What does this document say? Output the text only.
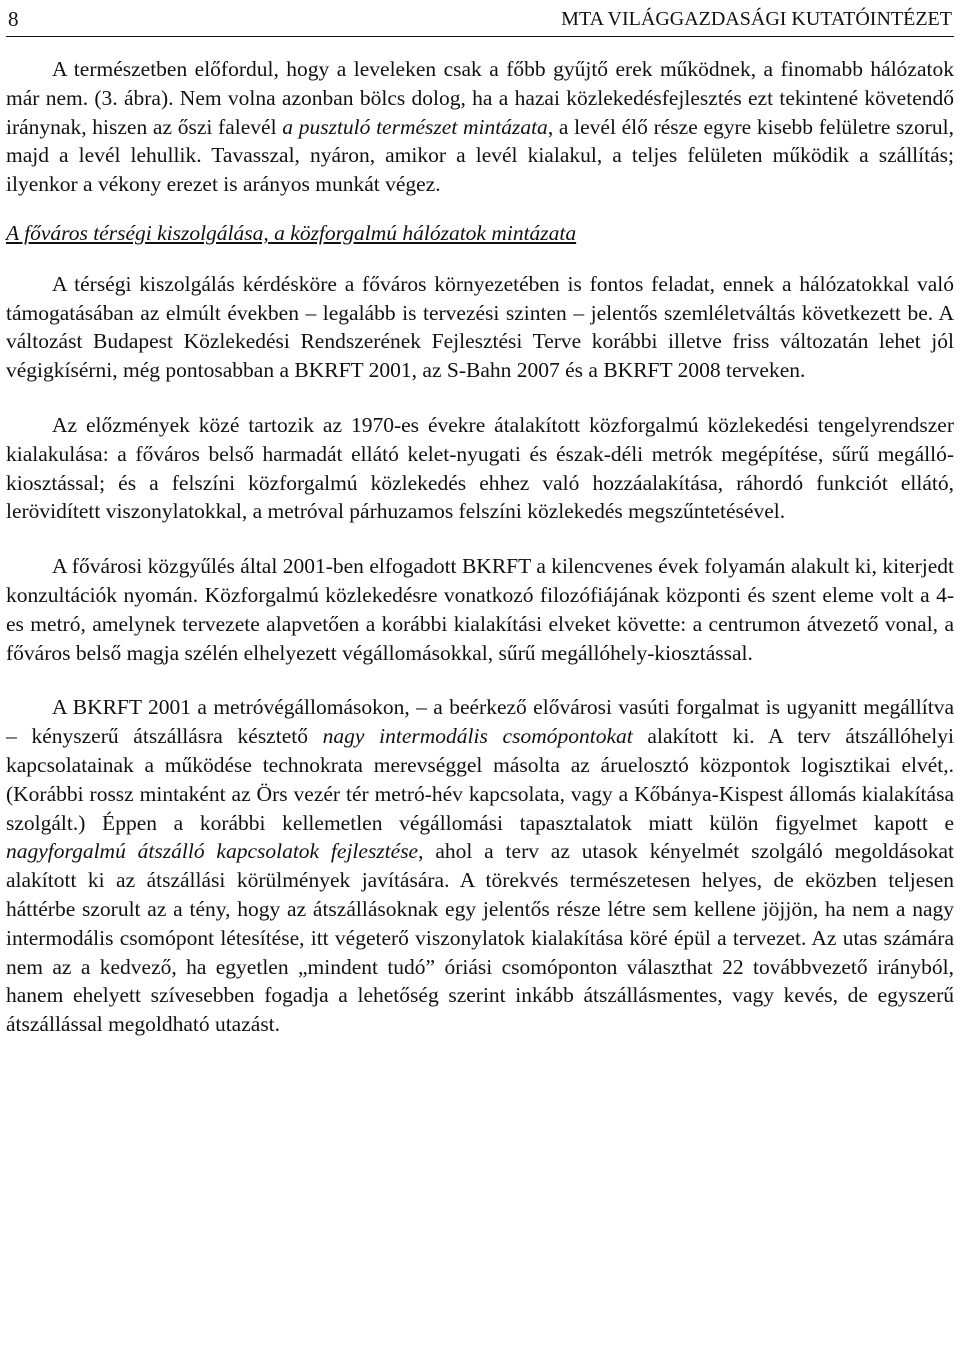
8	MTA VILÁGGAZDASÁGI KUTATÓINTÉZET

A természetben előfordul, hogy a leveleken csak a főbb gyűjtő erek működnek, a finomabb hálózatok már nem. (3. ábra). Nem volna azonban bölcs dolog, ha a hazai közlekedésfejlesztés ezt tekintené követendő iránynak, hiszen az őszi falevél a pusztuló természet mintázata, a levél élő része egyre kisebb felületre szorul, majd a levél lehullik. Tavasszal, nyáron, amikor a levél kialakul, a teljes felületen működik a szállítás; ilyenkor a vékony erezet is arányos munkát végez.

A főváros térségi kiszolgálása, a közforgalmú hálózatok mintázata

A térségi kiszolgálás kérdésköre a főváros környezetében is fontos feladat, ennek a hálózatokkal való támogatásában az elmúlt években – legalább is tervezési szinten – jelentős szemléletváltás következett be. A változást Budapest Közlekedési Rendszerének Fejlesztési Terve korábbi illetve friss változatán lehet jól végigkísérni, még pontosabban a BKRFT 2001, az S-Bahn 2007 és a BKRFT 2008 terveken.

Az előzmények közé tartozik az 1970-es évekre átalakított közforgalmú közlekedési tengelyrendszer kialakulása: a főváros belső harmadát ellátó kelet-nyugati és észak-déli metrók megépítése, sűrű megálló-kiosztással; és a felszíni közforgalmú közlekedés ehhez való hozzáalakítása, ráhordó funkciót ellátó, lerövidített viszonylatokkal, a metróval párhuzamos felszíni közlekedés megszűntetésével.

A fővárosi közgyűlés által 2001-ben elfogadott BKRFT a kilencvenes évek folyamán alakult ki, kiterjedt konzultációk nyomán. Közforgalmú közlekedésre vonatkozó filozófiájának központi és szent eleme volt a 4-es metró, amelynek tervezete alapvetően a korábbi kialakítási elveket követte: a centrumon átvezető vonal, a főváros belső magja szélén elhelyezett végállomásokkal, sűrű megállóhely-kiosztással.

A BKRFT 2001 a metróvégállomásokon, – a beérkező elővárosi vasúti forgalmat is ugyanitt megállítva – kényszerű átszállásra késztető nagy intermodális csomópontokat alakított ki. A terv átszállóhelyi kapcsolatainak a működése technokrata merevséggel másolta az áruelosztó központok logisztikai elvét,. (Korábbi rossz mintaként az Örs vezér tér metró-hév kapcsolata, vagy a Kőbánya-Kispest állomás kialakítása szolgált.) Éppen a korábbi kellemetlen végállomási tapasztalatok miatt külön figyelmet kapott e nagyforgalmú átszálló kapcsolatok fejlesztése, ahol a terv az utasok kényelmét szolgáló megoldásokat alakított ki az átszállási körülmények javítására. A törekvés természetesen helyes, de eközben teljesen háttérbe szorult az a tény, hogy az átszállásoknak egy jelentős része létre sem kellene jöjjön, ha nem a nagy intermodális csomópont létesítése, itt végeterő viszonylatok kialakítása köré épül a tervezet. Az utas számára nem az a kedvező, ha egyetlen „mindent tudó” óriási csomóponton választhat 22 továbbvezető irányból, hanem ehelyett szívesebben fogadja a lehetőség szerint inkább átszállásmentes, vagy kevés, de egyszerű átszállással megoldható utazást.
